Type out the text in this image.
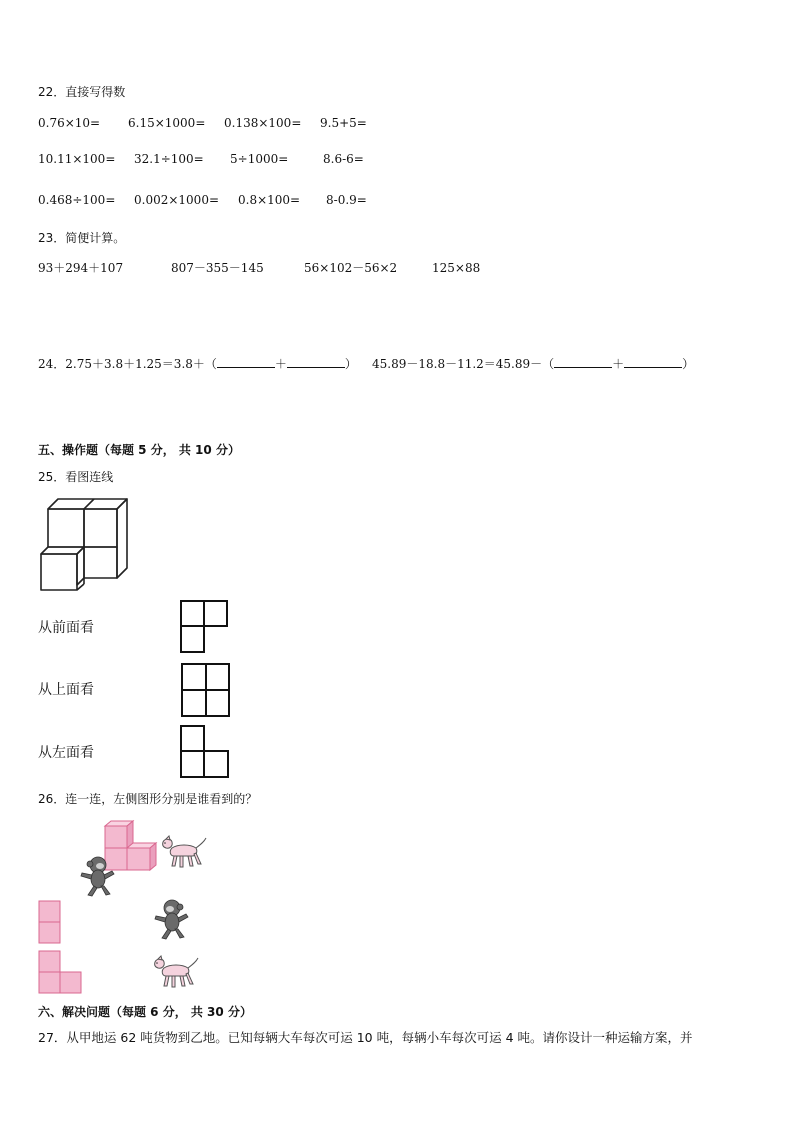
22．直接写得数
0.76×10= 6.15×1000= 0.138×100= 9.5+5=
10.11×100= 32.1÷100= 5÷1000=	8.6-6=
0.468÷100= 0.002×1000= 0.8×100= 8-0.9=
23．简便计算。
93＋294＋107	807－355－145	56×102－56×2	125×88
24．2.75＋3.8＋1.25＝3.8＋（	＋	） 45.89－18.8－11.2＝45.89－（	＋	）
五、操作题（每题 5 分， 共 10 分）
25．看图连线
从前面看
从上面看
从左面看
26．连一连，左侧图形分别是谁看到的？
六、解决问题（每题 6 分， 共 30 分）
27．从甲地运 62 吨货物到乙地。已知每辆大车每次可运 10 吨，每辆小车每次可运 4 吨。请你设计一种运输方案，并
